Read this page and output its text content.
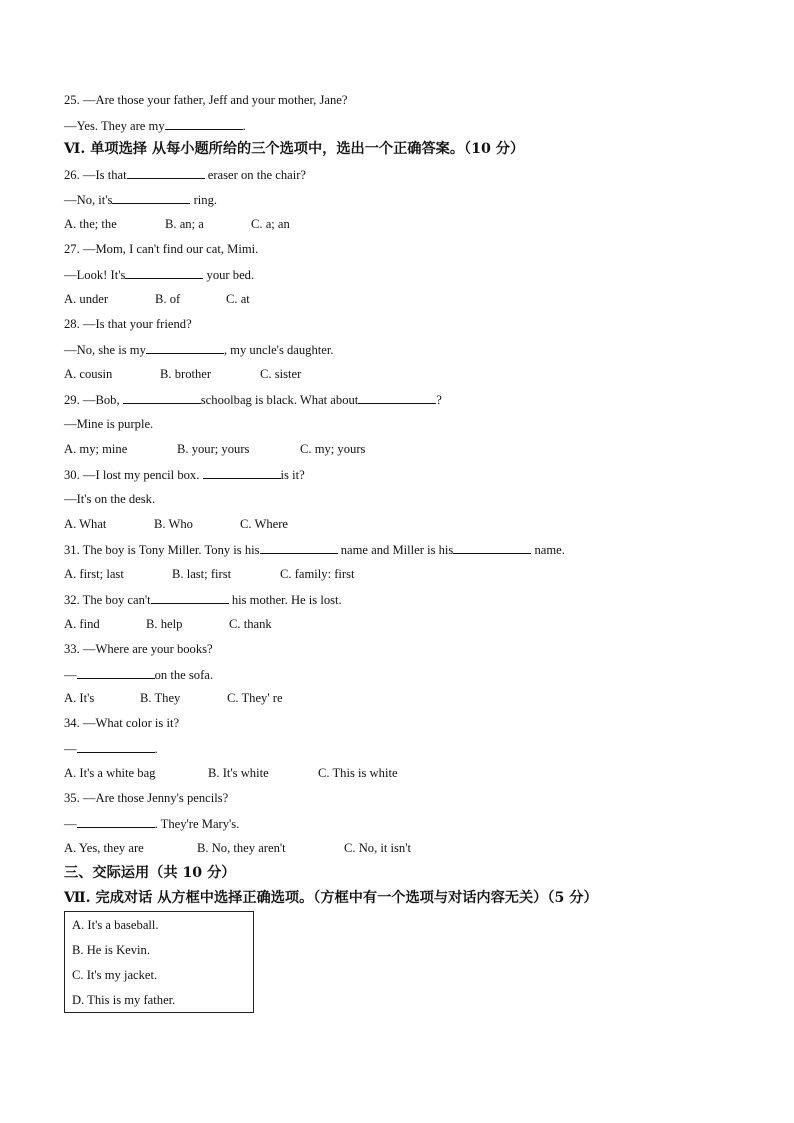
25. —Are those your father, Jeff and your mother, Jane?
—Yes. They are my	.
Ⅵ. 单项选择 从每小题所给的三个选项中，选出一个正确答案。（10 分）
26. —Is that	eraser on the chair?
—No, it's	ring.
A. the; the	B. an; a	C. a; an
27. —Mom, I can't find our cat, Mimi.
—Look! It's	your bed.
A. under	B. of	C. at
28. —Is that your friend?
—No, she is my	, my uncle's daughter.
A. cousin	B. brother	C. sister
29. —Bob,	schoolbag is black. What about	?
—Mine is purple.
A. my; mine	B. your; yours	C. my; yours
30. —I lost my pencil box.	is it?
—It's on the desk.
A. What	B. Who	C. Where
31. The boy is Tony Miller. Tony is his	name and Miller is his	name.
A. first; last	B. last; first	C. family: first
32. The boy can't	his mother. He is lost.
A. find	B. help	C. thank
33. —Where are your books?
—	on the sofa.
A. It's	B. They	C. They' re
34. —What color is it?
—	.
A. It's a white bag	B. It's white	C. This is white
35. —Are those Jenny's pencils?
—	. They're Mary's.
A. Yes, they are	B. No, they aren't	C. No, it isn't
三、交际运用（共 10 分）
Ⅶ. 完成对话 从方框中选择正确选项。（方框中有一个选项与对话内容无关）（5 分）
A. It's a baseball.
B. He is Kevin.
C. It's my jacket.
D. This is my father.
